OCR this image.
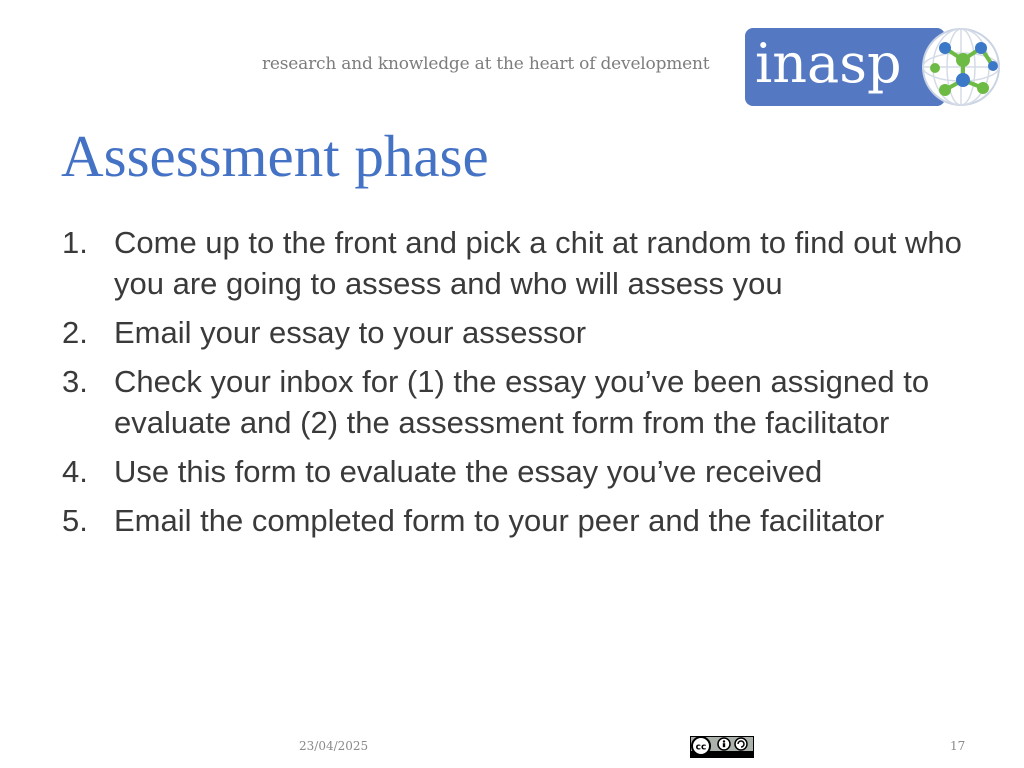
research and knowledge at the heart of development inasp
Assessment phase
1. Come up to the front and pick a chit at random to find out who you are going to assess and who will assess you
2. Email your essay to your assessor
3. Check your inbox for (1) the essay you’ve been assigned to evaluate and (2) the assessment form from the facilitator
4. Use this form to evaluate the essay you’ve received
5. Email the completed form to your peer and the facilitator
23/04/2025	cc	17
